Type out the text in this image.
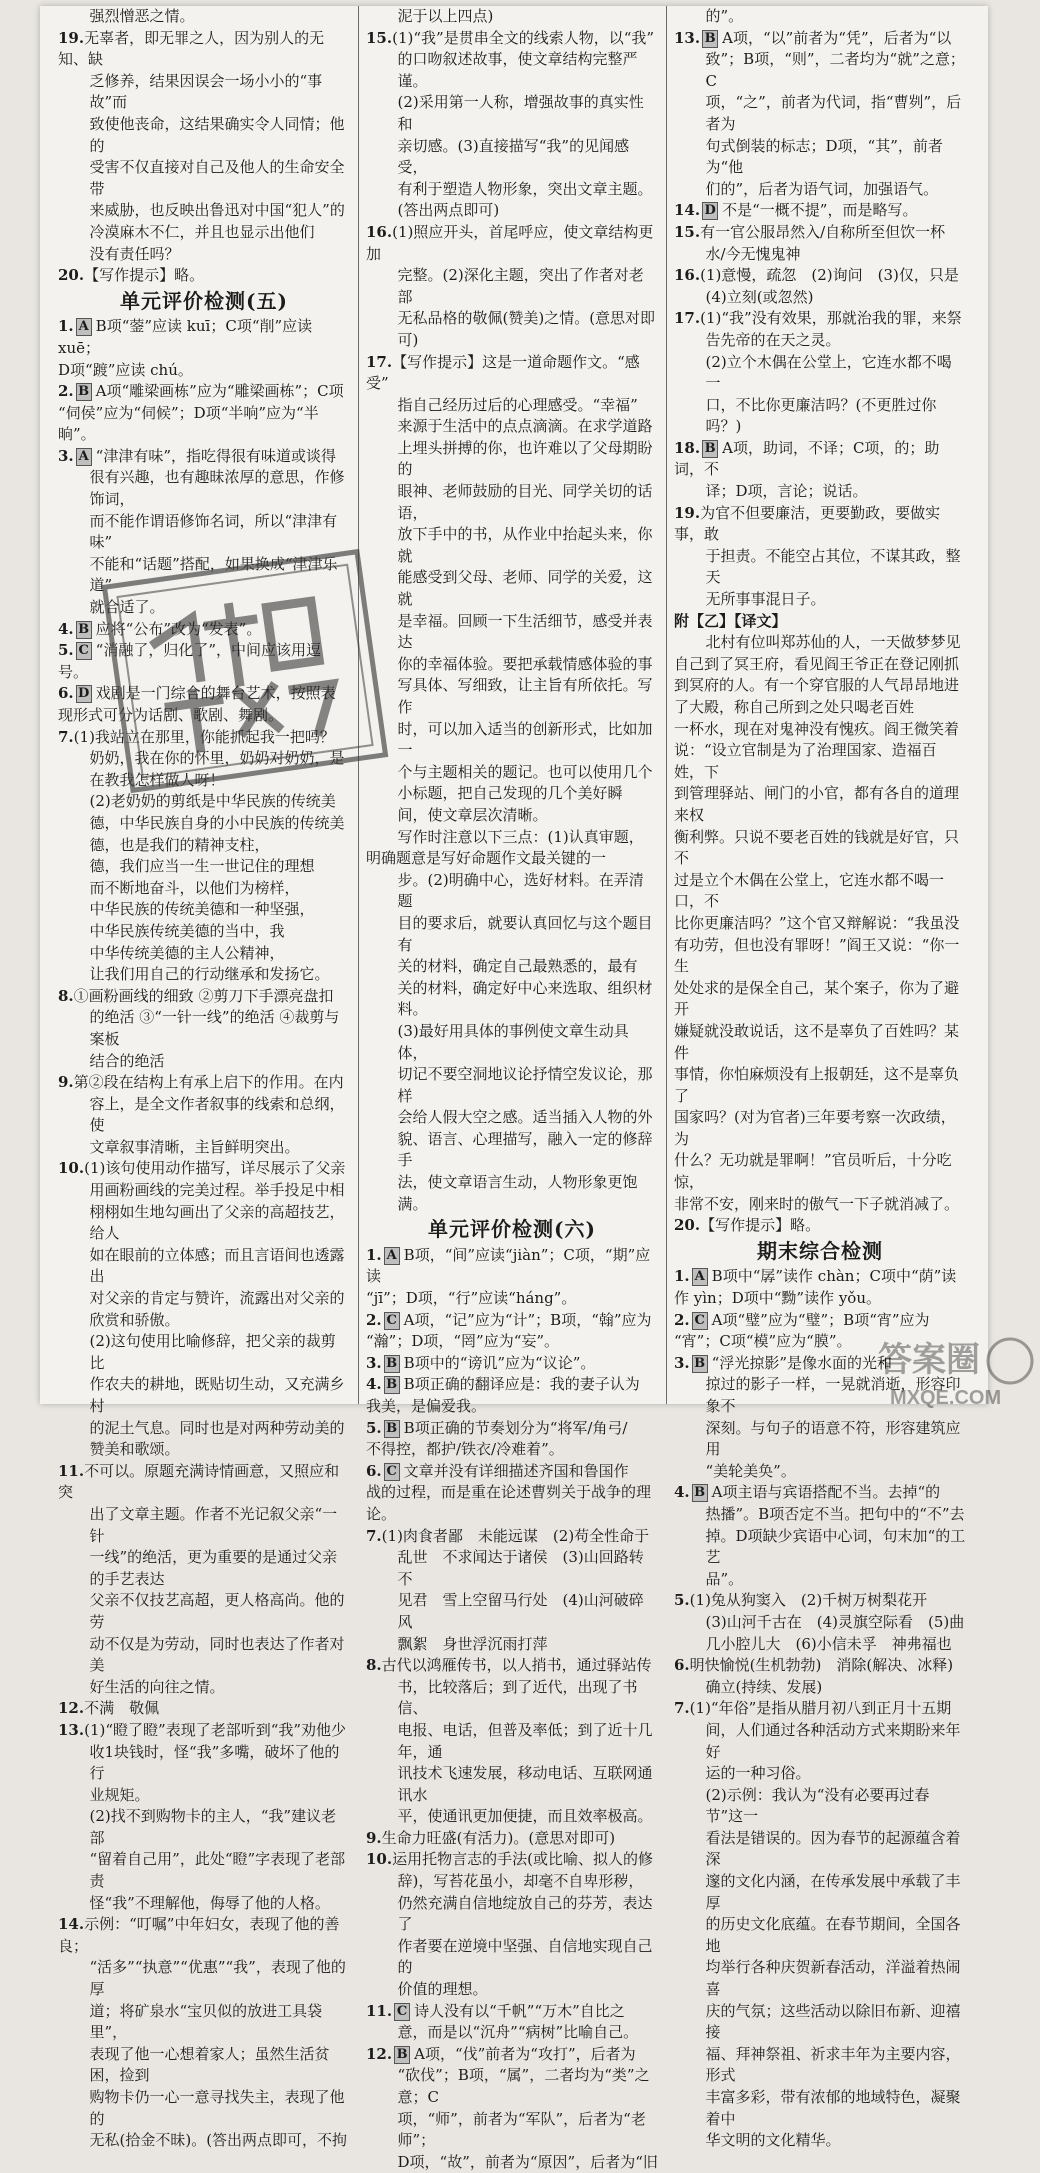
强烈憎恶之情。
19.无辜者，即无罪之人，因为别人的无知、缺
乏修养，结果因误会一场小小的“事故”而
致使他丧命，这结果确实令人同情；他的
受害不仅直接对自己及他人的生命安全带
来威胁，也反映出鲁迅对中国“犯人”的
冷漠麻木不仁，并且也显示出他们
没有责任吗？
20.【写作提示】略。
单元评价检测(五)
1. A B项“蓥”应读 kuī；C项“削”应读 xuē；
D项“踱”应读 chú。
2. B A项“雕梁画栋”应为“雕梁画栋”；C项
“伺侯”应为“伺候”；D项“半响”应为“半
晌”。
3. A “津津有味”，指吃得很有味道或谈得
很有兴趣，也有趣昧浓厚的意思，作修饰词，
而不能作谓语修饰名词，所以“津津有味”
不能和“话题”搭配，如果换成“津津乐道”
就合适了。
4. B 应将“公布”改为“发表”。
5. C “消融了，归化了”，中间应该用逗号。
6. D 戏剧是一门综合的舞台艺术，按照表
现形式可分为话剧、歌剧、舞剧。
7.(1)我站立在那里，你能抓起我一把吗？
奶奶，我在你的怀里，奶奶对奶奶，是
在教我怎样做人呀！
(2)老奶奶的剪纸是中华民族的传统美
德，中华民族自身的小中民族的传统美
德，也是我们的精神支柱，
德，我们应当一生一世记住的理想
而不断地奋斗，以他们为榜样，
中华民族的传统美德和一种坚强，
中华民族传统美德的当中，我
中华传统美德的主人公精神，
让我们用自己的行动继承和发扬它。
8.①画粉画线的细致 ②剪刀下手漂亮盘扣
的绝活 ③“一针一线”的绝活 ④裁剪与案板
结合的绝活
9.第②段在结构上有承上启下的作用。在内
容上，是全文作者叙事的线索和总纲，使
文章叙事清晰，主旨鲜明突出。
10.(1)该句使用动作描写，详尽展示了父亲
用画粉画线的完美过程。举手投足中相
栩栩如生地勾画出了父亲的高超技艺，给人
如在眼前的立体感；而且言语间也透露出
对父亲的肯定与赞许，流露出对父亲的
欣赏和骄傲。
(2)这句使用比喻修辞，把父亲的裁剪比
作农夫的耕地，既贴切生动，又充满乡村
的泥土气息。同时也是对两种劳动美的
赞美和歌颂。
11.不可以。原题充满诗情画意，又照应和突
出了文章主题。作者不光记叙父亲“一针
一线”的绝活，更为重要的是通过父亲的手艺表达
父亲不仅技艺高超，更人格高尚。他的劳
动不仅是为劳动，同时也表达了作者对美
好生活的向往之情。
12.不满　敬佩
13.(1)“瞪了瞪”表现了老部听到“我”劝他少
收1块钱时，怪“我”多嘴，破坏了他的行
业规矩。
(2)找不到购物卡的主人，“我”建议老部
“留着自己用”，此处“瞪”字表现了老部责
怪“我”不理解他，侮辱了他的人格。
14.示例：“叮嘱”中年妇女，表现了他的善良；
“活多”“执意”“优惠”“我”，表现了他的厚
道；将矿泉水“宝贝似的放进工具袋里”，
表现了他一心想着家人；虽然生活贫困，捡到
购物卡仍一心一意寻找失主，表现了他的
无私(拾金不昧)。(答出两点即可，不拘
泥于以上四点)
15.(1)“我”是贯串全文的线索人物，以“我”
的口吻叙述故事，使文章结构完整严谨。
(2)采用第一人称，增强故事的真实性和
亲切感。(3)直接描写“我”的见闻感受，
有利于塑造人物形象，突出文章主题。
(答出两点即可)
16.(1)照应开头，首尾呼应，使文章结构更加
完整。(2)深化主题，突出了作者对老部
无私品格的敬佩(赞美)之情。(意思对即
可)
17.【写作提示】这是一道命题作文。“感受”
指自己经历过后的心理感受。“幸福”
来源于生活中的点点滴滴。在求学道路
上埋头拼搏的你，也许难以了父母期盼的
眼神、老师鼓励的目光、同学关切的话语，
放下手中的书，从作业中抬起头来，你就
能感受到父母、老师、同学的关爱，这就
是幸福。回顾一下生活细节，感受并表达
你的幸福体验。要把承载情感体验的事
写具体、写细致，让主旨有所依托。写作
时，可以加入适当的创新形式，比如加一
个与主题相关的题记。也可以使用几个
小标题，把自己发现的几个美好瞬
间，使文章层次清晰。
写作时注意以下三点：(1)认真审题，
明确题意是写好命题作文最关键的一
步。(2)明确中心，选好材料。在弄清题
目的要求后，就要认真回忆与这个题目有
关的材料，确定自己最熟悉的，最有
关的材料，确定好中心来选取、组织材料。
(3)最好用具体的事例使文章生动具体，
切记不要空洞地议论抒情空发议论，那样
会给人假大空之感。适当插入人物的外
貌、语言、心理描写，融入一定的修辞手
法，使文章语言生动，人物形象更饱满。
单元评价检测(六)
1. A B项，“间”应读“jiàn”；C项，“期”应读
“jī”；D项，“行”应读“háng”。
2. C A项，“记”应为“计”；B项，“翰”应为
“瀚”；D项，“罔”应为“妄”。
3. B B项中的“谤讥”应为“议论”。
4. B B项正确的翻译应是：我的妻子认为
我美，是偏爱我。
5. B B项正确的节奏划分为“将军/角弓/
不得控，都护/铁衣/冷难着”。
6. C 文章并没有详细描述齐国和鲁国作
战的过程，而是重在论述曹刿关于战争的理论。
7.(1)肉食者鄙　未能远谋　(2)苟全性命于
乱世　不求闻达于诸侯　(3)山回路转不
见君　雪上空留马行处　(4)山河破碎风
飘絮　身世浮沉雨打萍
8.古代以鸿雁传书，以人捎书，通过驿站传
书，比较落后；到了近代，出现了书信、
电报、电话，但普及率低；到了近十几年，通
讯技术飞速发展，移动电话、互联网通讯水
平，使通讯更加便捷，而且效率极高。
9.生命力旺盛(有活力)。(意思对即可)
10.运用托物言志的手法(或比喻、拟人的修
辞)，写苔花虽小，却毫不自卑形秽，
仍然充满自信地绽放自己的芬芳，表达了
作者要在逆境中坚强、自信地实现自己的
价值的理想。
11. C 诗人没有以“千帆”“万木”自比之
意，而是以“沉舟”“病树”比喻自己。
12. B A项，“伐”前者为“攻打”，后者为
“砍伐”；B项，“属”，二者均为“类”之意；C
项，“师”，前者为“军队”，后者为“老师”；
D项，“故”，前者为“原因”，后者为“旧
的”。
13. B A项，“以”前者为“凭”，后者为“以
致”；B项，“则”，二者均为“就”之意；C
项，“之”，前者为代词，指“曹刿”，后者为
句式倒装的标志；D项，“其”，前者为“他
们的”，后者为语气词，加强语气。
14. D 不是“一概不提”，而是略写。
15.有一官公服昂然入/自称所至但饮一杯
水/今无愧鬼神
16.(1)意慢，疏忽　(2)询问　(3)仅，只是
(4)立刻(或忽然)
17.(1)“我”没有效果，那就治我的罪，来祭
告先帝的在天之灵。
(2)立个木偶在公堂上，它连水都不喝一
口，不比你更廉洁吗？(不更胜过你吗？)
18. B A项，助词，不译；C项，的；助词，不
译；D项，言论；说话。
19.为官不但要廉洁，更要勤政，要做实事，敢
于担责。不能空占其位，不谋其政，整天
无所事事混日子。
附【乙】【译文】
北村有位叫郑苏仙的人，一天做梦梦见
自己到了冥王府，看见阎王爷正在登记刚抓
到冥府的人。有一个穿官服的人气昂昂地进
了大殿，称自己所到之处只喝老百姓
一杯水，现在对鬼神没有愧疚。阎王微笑着
说：“设立官制是为了治理国家、造福百姓，下
到管理驿站、闸门的小官，都有各自的道理来权
衡利弊。只说不要老百姓的钱就是好官，只不
过是立个木偶在公堂上，它连水都不喝一口，不
比你更廉洁吗？”这个官又辩解说：“我虽没
有功劳，但也没有罪呀！”阎王又说：“你一生
处处求的是保全自己，某个案子，你为了避开
嫌疑就没敢说话，这不是辜负了百姓吗？某件
事情，你怕麻烦没有上报朝廷，这不是辜负了
国家吗？(对为官者)三年要考察一次政绩，为
什么？无功就是罪啊！”官员听后，十分吃惊，
非常不安，刚来时的傲气一下子就消减了。
20.【写作提示】略。
期末综合检测
1. A B项中“孱”读作 chàn；C项中“荫”读
作 yìn；D项中“黝”读作 yǒu。
2. C A项“璧”应为“璧”；B项“宵”应为
“宵”；C项“模”应为“膜”。
3. B “浮光掠影”是像水面的光和
掠过的影子一样，一晃就消逝，形容印象不
深刻。与句子的语意不符，形容建筑应用
“美轮美奂”。
4. B A项主语与宾语搭配不当。去掉“的
热播”。B项否定不当。把句中的“不”去
掉。D项缺少宾语中心词，句末加“的工艺
品”。
5.(1)兔从狗窦入　(2)千树万树梨花开
(3)山河千古在　(4)灵旗空际看　(5)曲
几小腔儿大　(6)小信未孚　神弗福也
6.明快愉悦(生机勃勃)　消除(解决、冰释)
确立(持续、发展)
7.(1)“年俗”是指从腊月初八到正月十五期
间，人们通过各种活动方式来期盼来年好
运的一种习俗。
(2)示例：我认为“没有必要再过春节”这一
看法是错误的。因为春节的起源蕴含着深
邃的文化内涵，在传承发展中承载了丰厚
的历史文化底蕴。在春节期间，全国各地
均举行各种庆贺新春活动，洋溢着热闹喜
庆的气氛；这些活动以除旧布新、迎禧接
福、拜神祭祖、祈求丰年为主要内容，形式
丰富多彩，带有浓郁的地域特色，凝聚着中
华文明的文化精华。
答案圈
MXQE.COM
